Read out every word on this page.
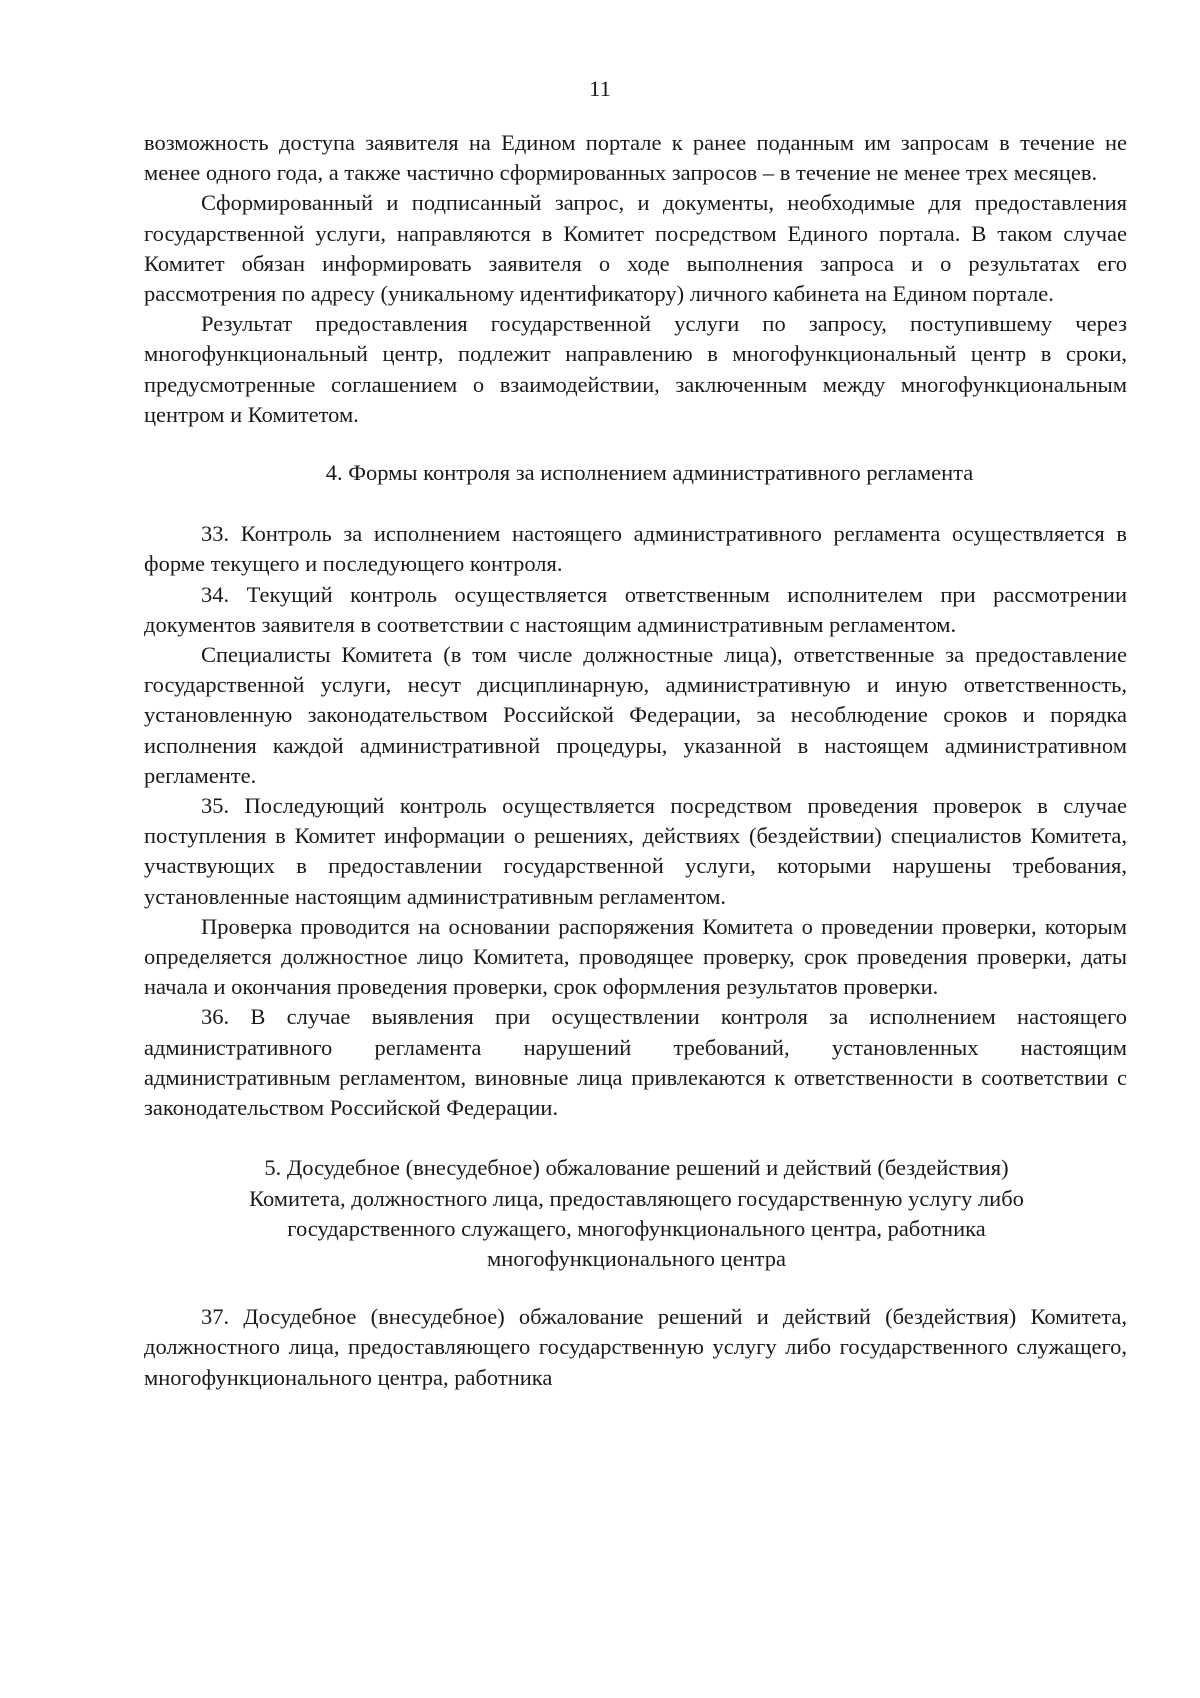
11

возможность доступа заявителя на Едином портале к ранее поданным им запросам в течение не менее одного года, а также частично сформированных запросов – в течение не менее трех месяцев.

Сформированный и подписанный запрос, и документы, необходимые для предоставления государственной услуги, направляются в Комитет посредством Единого портала. В таком случае Комитет обязан информировать заявителя о ходе выполнения запроса и о результатах его рассмотрения по адресу (уникальному идентификатору) личного кабинета на Едином портале.

Результат предоставления государственной услуги по запросу, поступившему через многофункциональный центр, подлежит направлению в многофункциональный центр в сроки, предусмотренные соглашением о взаимодействии, заключенным между многофункциональным центром и Комитетом.

4. Формы контроля за исполнением административного регламента

33. Контроль за исполнением настоящего административного регламента осуществляется в форме текущего и последующего контроля.

34. Текущий контроль осуществляется ответственным исполнителем при рассмотрении документов заявителя в соответствии с настоящим административным регламентом.

Специалисты Комитета (в том числе должностные лица), ответственные за предоставление государственной услуги, несут дисциплинарную, административную и иную ответственность, установленную законодательством Российской Федерации, за несоблюдение сроков и порядка исполнения каждой административной процедуры, указанной в настоящем административном регламенте.

35. Последующий контроль осуществляется посредством проведения проверок в случае поступления в Комитет информации о решениях, действиях (бездействии) специалистов Комитета, участвующих в предоставлении государственной услуги, которыми нарушены требования, установленные настоящим административным регламентом.

Проверка проводится на основании распоряжения Комитета о проведении проверки, которым определяется должностное лицо Комитета, проводящее проверку, срок проведения проверки, даты начала и окончания проведения проверки, срок оформления результатов проверки.

36. В случае выявления при осуществлении контроля за исполнением настоящего административного регламента нарушений требований, установленных настоящим административным регламентом, виновные лица привлекаются к ответственности в соответствии с законодательством Российской Федерации.

5. Досудебное (внесудебное) обжалование решений и действий (бездействия)
Комитета, должностного лица, предоставляющего государственную услугу либо
государственного служащего, многофункционального центра, работника
многофункционального центра

37. Досудебное (внесудебное) обжалование решений и действий (бездействия) Комитета, должностного лица, предоставляющего государственную услугу либо государственного служащего, многофункционального центра, работника
